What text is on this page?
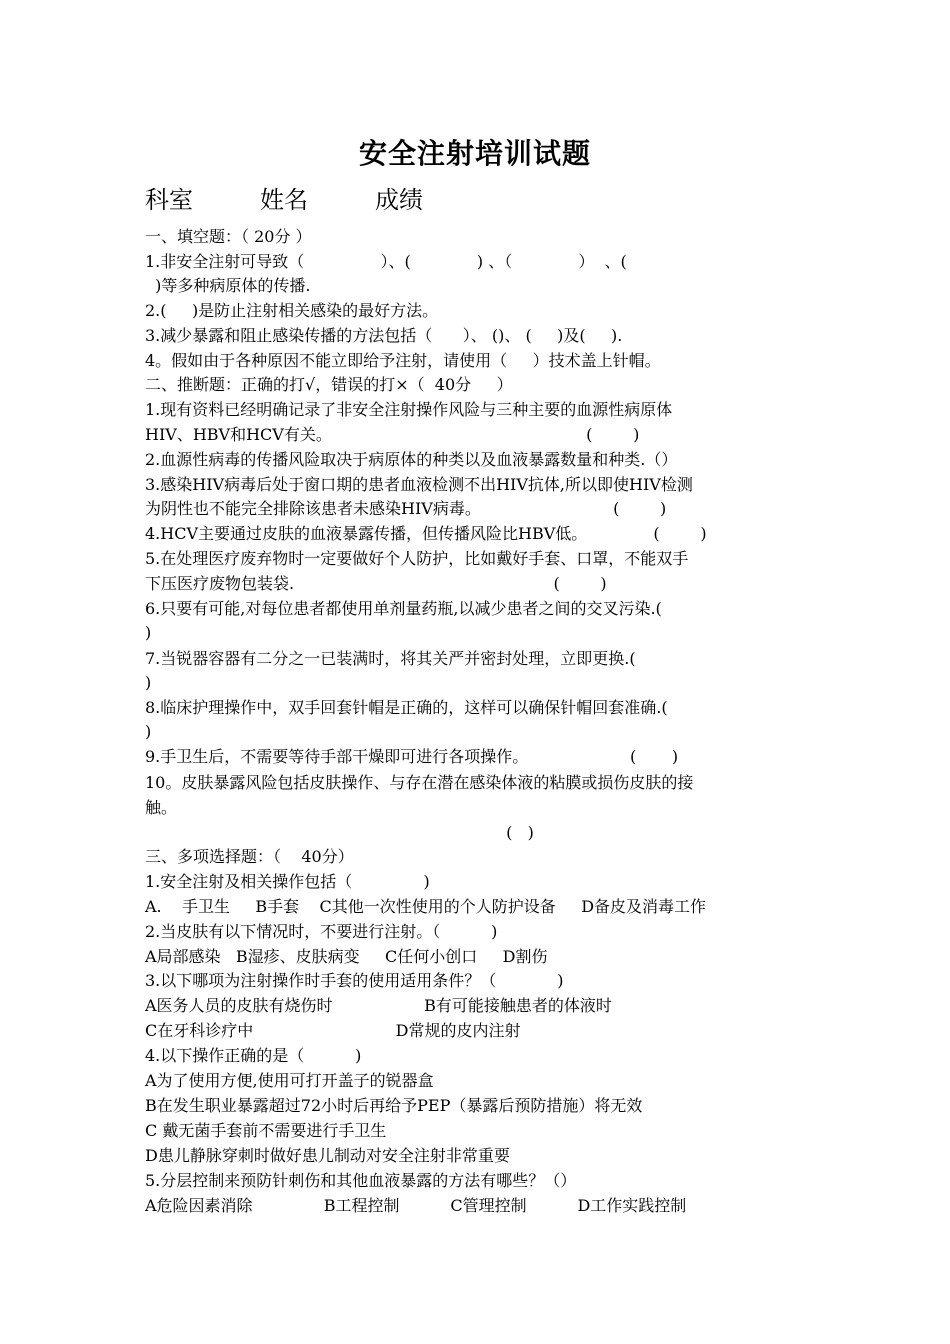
安全注射培训试题
科室	姓名	成绩
一、填空题：（ 20分 ）
1.非安全注射可导致（               ）、(             ) 、（             ）  、(
)等多种病原体的传播.
2.(     )是防止注射相关感染的最好方法。
3.减少暴露和阻止感染传播的方法包括（      ）、 ()、 (     )及(     ).
4。假如由于各种原因不能立即给予注射，请使用（     ）技术盖上针帽。
二、推断题：正确的打√，错误的打×（  40分     ）
1.现有资料已经明确记录了非安全注射操作风险与三种主要的血源性病原体
HIV、HBV和HCV有关。                                                  (        )
2.血源性病毒的传播风险取决于病原体的种类以及血液暴露数量和种类.（）
3.感染HIV病毒后处于窗口期的患者血液检测不出HIV抗体,所以即使HIV检测
为阴性也不能完全排除该患者未感染HIV病毒。                          (        )
4.HCV主要通过皮肤的血液暴露传播，但传播风险比HBV低。             (        )
5.在处理医疗废弃物时一定要做好个人防护，比如戴好手套、口罩，不能双手
下压医疗废物包装袋.                                                   (        )
6.只要有可能,对每位患者都使用单剂量药瓶,以减少患者之间的交叉污染.(
)
7.当锐器容器有二分之一已装满时，将其关严并密封处理，立即更换.(
)
8.临床护理操作中，双手回套针帽是正确的，这样可以确保针帽回套准确.(
)
9.手卫生后，不需要等待手部干燥即可进行各项操作。                    (       )
10。皮肤暴露风险包括皮肤操作、与存在潜在感染体液的粘膜或损伤皮肤的接
触。
(   )
三、多项选择题：（    40分）
1.安全注射及相关操作包括（              )
A.    手卫生     B手套    C其他一次性使用的个人防护设备     D备皮及消毒工作
2.当皮肤有以下情况时，不要进行注射。（          )
A局部感染   B湿疹、皮肤病变     C任何小创口     D割伤
3.以下哪项为注射操作时手套的使用适用条件？（            )
A医务人员的皮肤有烧伤时                  B有可能接触患者的体液时
C在牙科诊疗中                            D常规的皮内注射
4.以下操作正确的是（          )
A为了使用方便,使用可打开盖子的锐器盒
B在发生职业暴露超过72小时后再给予PEP（暴露后预防措施）将无效
C 戴无菌手套前不需要进行手卫生
D患儿静脉穿刺时做好患儿制动对安全注射非常重要
5.分层控制来预防针刺伤和其他血液暴露的方法有哪些？（）
A危险因素消除              B工程控制          C管理控制          D工作实践控制
